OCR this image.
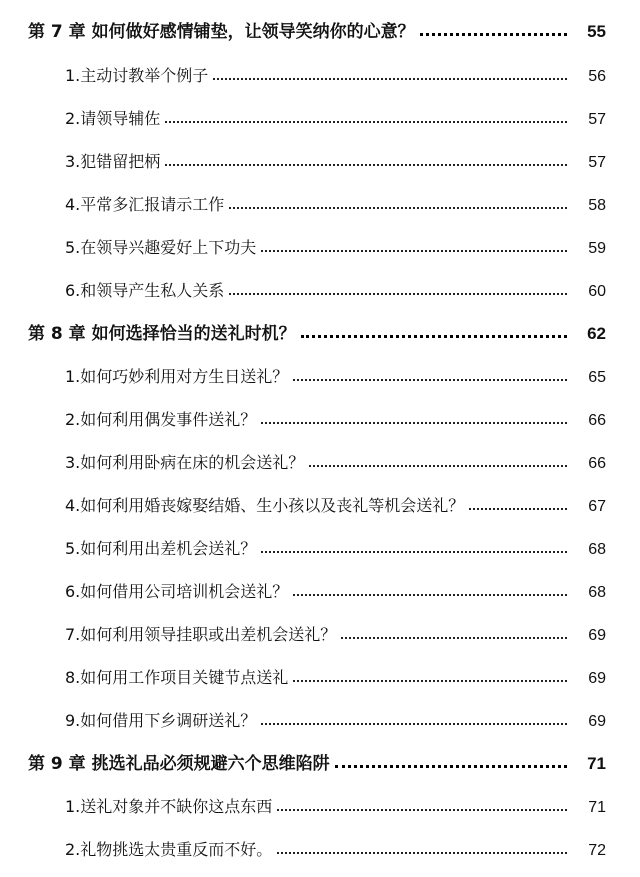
第 7 章 如何做好感情铺垫，让领导笑纳你的心意？	55
1.主动讨教举个例子	56
2.请领导辅佐	57
3.犯错留把柄	57
4.平常多汇报请示工作	58
5.在领导兴趣爱好上下功夫	59
6.和领导产生私人关系	60
第 8 章 如何选择恰当的送礼时机？	62
1.如何巧妙利用对方生日送礼？	65
2.如何利用偶发事件送礼？	66
3.如何利用卧病在床的机会送礼？	66
4.如何利用婚丧嫁娶结婚、生小孩以及丧礼等机会送礼？	67
5.如何利用出差机会送礼？	68
6.如何借用公司培训机会送礼？	68
7.如何利用领导挂职或出差机会送礼？	69
8.如何用工作项目关键节点送礼	69
9.如何借用下乡调研送礼？	69
第 9 章 挑选礼品必须规避六个思维陷阱	71
1.送礼对象并不缺你这点东西	71
2.礼物挑选太贵重反而不好。	72
